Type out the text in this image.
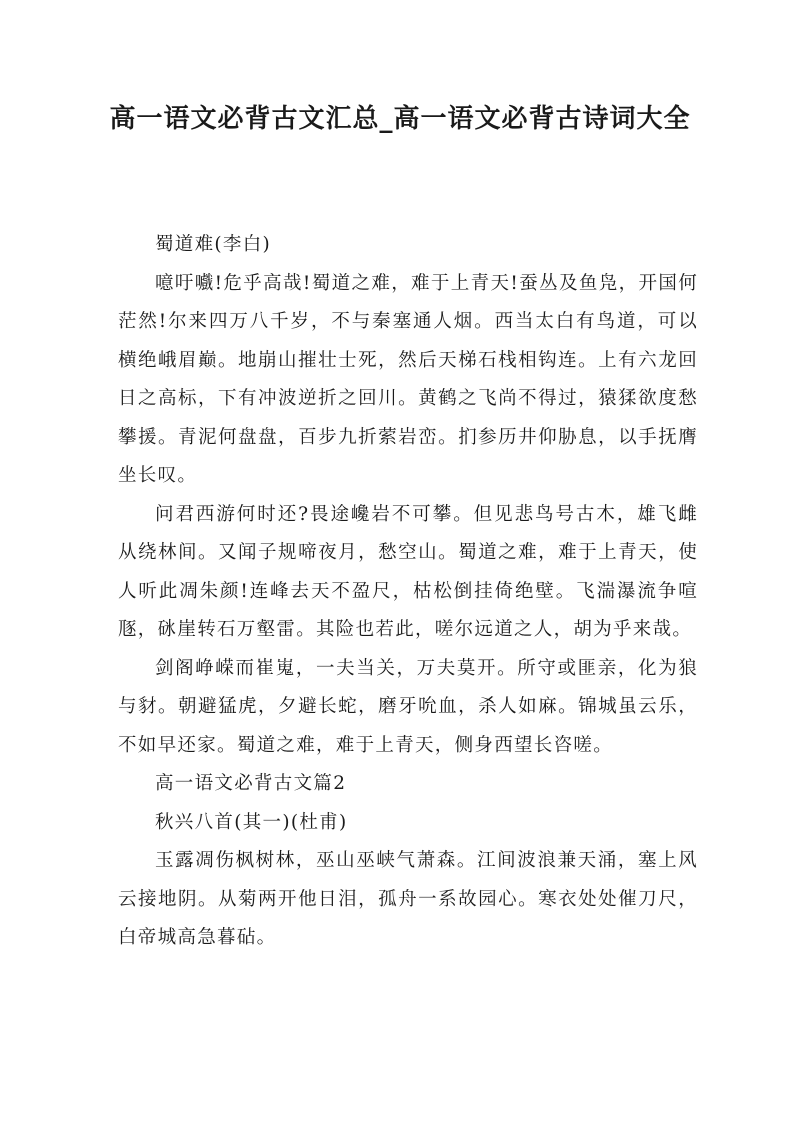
高一语文必背古文汇总_高一语文必背古诗词大全

蜀道难(李白)

噫吁嚱!危乎高哉!蜀道之难，难于上青天!蚕丛及鱼凫，开国何茫然!尔来四万八千岁，不与秦塞通人烟。西当太白有鸟道，可以横绝峨眉巅。地崩山摧壮士死，然后天梯石栈相钩连。上有六龙回日之高标，下有冲波逆折之回川。黄鹤之飞尚不得过，猿猱欲度愁攀援。青泥何盘盘，百步九折萦岩峦。扪参历井仰胁息，以手抚膺坐长叹。

问君西游何时还?畏途巉岩不可攀。但见悲鸟号古木，雄飞雌从绕林间。又闻子规啼夜月，愁空山。蜀道之难，难于上青天，使人听此凋朱颜!连峰去天不盈尺，枯松倒挂倚绝壁。飞湍瀑流争喧豗，砯崖转石万壑雷。其险也若此，嗟尔远道之人，胡为乎来哉。

剑阁峥嵘而崔嵬，一夫当关，万夫莫开。所守或匪亲，化为狼与豺。朝避猛虎，夕避长蛇，磨牙吮血，杀人如麻。锦城虽云乐，不如早还家。蜀道之难，难于上青天，侧身西望长咨嗟。

高一语文必背古文篇2

秋兴八首(其一)(杜甫)

玉露凋伤枫树林，巫山巫峡气萧森。江间波浪兼天涌，塞上风云接地阴。从菊两开他日泪，孤舟一系故园心。寒衣处处催刀尺，白帝城高急暮砧。
